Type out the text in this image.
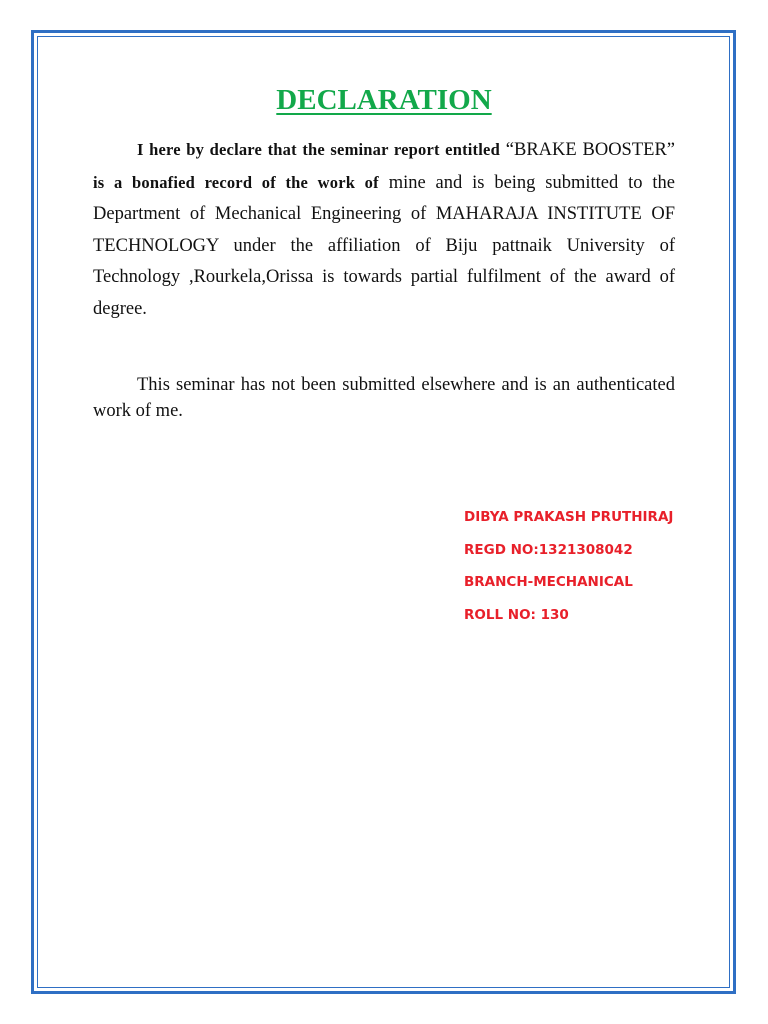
DECLARATION

I here by declare that the seminar report entitled “BRAKE BOOSTER” is a bonafied record of the work of mine and is being submitted to the Department of Mechanical Engineering of MAHARAJA INSTITUTE OF TECHNOLOGY under the affiliation of Biju pattnaik University of Technology ,Rourkela,Orissa is towards partial fulfilment of the award of degree.

This seminar has not been submitted elsewhere and is an authenticated work of me.

DIBYA PRAKASH PRUTHIRAJ

REGD NO:1321308042

BRANCH-MECHANICAL

ROLL NO: 130
